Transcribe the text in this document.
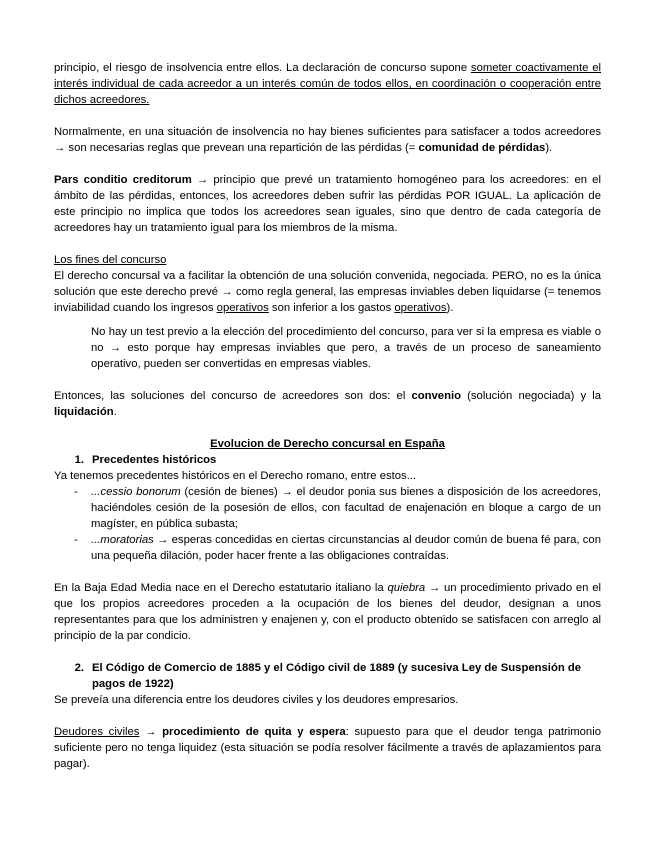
principio, el riesgo de insolvencia entre ellos. La declaración de concurso supone someter coactivamente el interés individual de cada acreedor a un interés común de todos ellos, en coordinación o cooperación entre dichos acreedores.

Normalmente, en una situación de insolvencia no hay bienes suficientes para satisfacer a todos acreedores → son necesarias reglas que prevean una repartición de las pérdidas (= comunidad de pérdidas).

Pars conditio creditorum → principio que prevé un tratamiento homogéneo para los acreedores: en el ámbito de las pérdidas, entonces, los acreedores deben sufrir las pérdidas POR IGUAL. La aplicación de este principio no implica que todos los acreedores sean iguales, sino que dentro de cada categoría de acreedores hay un tratamiento igual para los miembros de la misma.

Los fines del concurso

El derecho concursal va a facilitar la obtención de una solución convenida, negociada. PERO, no es la única solución que este derecho prevé → como regla general, las empresas inviables deben liquidarse (= tenemos inviabilidad cuando los ingresos operativos son inferior a los gastos operativos).

No hay un test previo a la elección del procedimiento del concurso, para ver si la empresa es viable o no → esto porque hay empresas inviables que pero, a través de un proceso de saneamiento operativo, pueden ser convertidas en empresas viables.

Entonces, las soluciones del concurso de acreedores son dos: el convenio (solución negociada) y la liquidación.

Evolucion de Derecho concursal en España

1. Precedentes históricos

Ya tenemos precedentes históricos en el Derecho romano, entre estos...

-	...cessio bonorum (cesión de bienes) → el deudor ponia sus bienes a disposición de los acreedores, haciéndoles cesión de la posesión de ellos, con facultad de enajenación en bloque a cargo de un magíster, en pública subasta;
-	...moratorias → esperas concedidas en ciertas circunstancias al deudor común de buena fé para, con una pequeña dilación, poder hacer frente a las obligaciones contraídas.

En la Baja Edad Media nace en el Derecho estatutario italiano la quiebra → un procedimiento privado en el que los propios acreedores proceden a la ocupación de los bienes del deudor, designan a unos representantes para que los administren y enajenen y, con el producto obtenido se satisfacen con arreglo al principio de la par condicio.

2. El Código de Comercio de 1885 y el Código civil de 1889 (y sucesiva Ley de Suspensión de pagos de 1922)

Se preveía una diferencia entre los deudores civiles y los deudores empresarios.

Deudores civiles → procedimiento de quita y espera: supuesto para que el deudor tenga patrimonio suficiente pero no tenga liquidez (esta situación se podía resolver fácilmente a través de aplazamientos para pagar).
